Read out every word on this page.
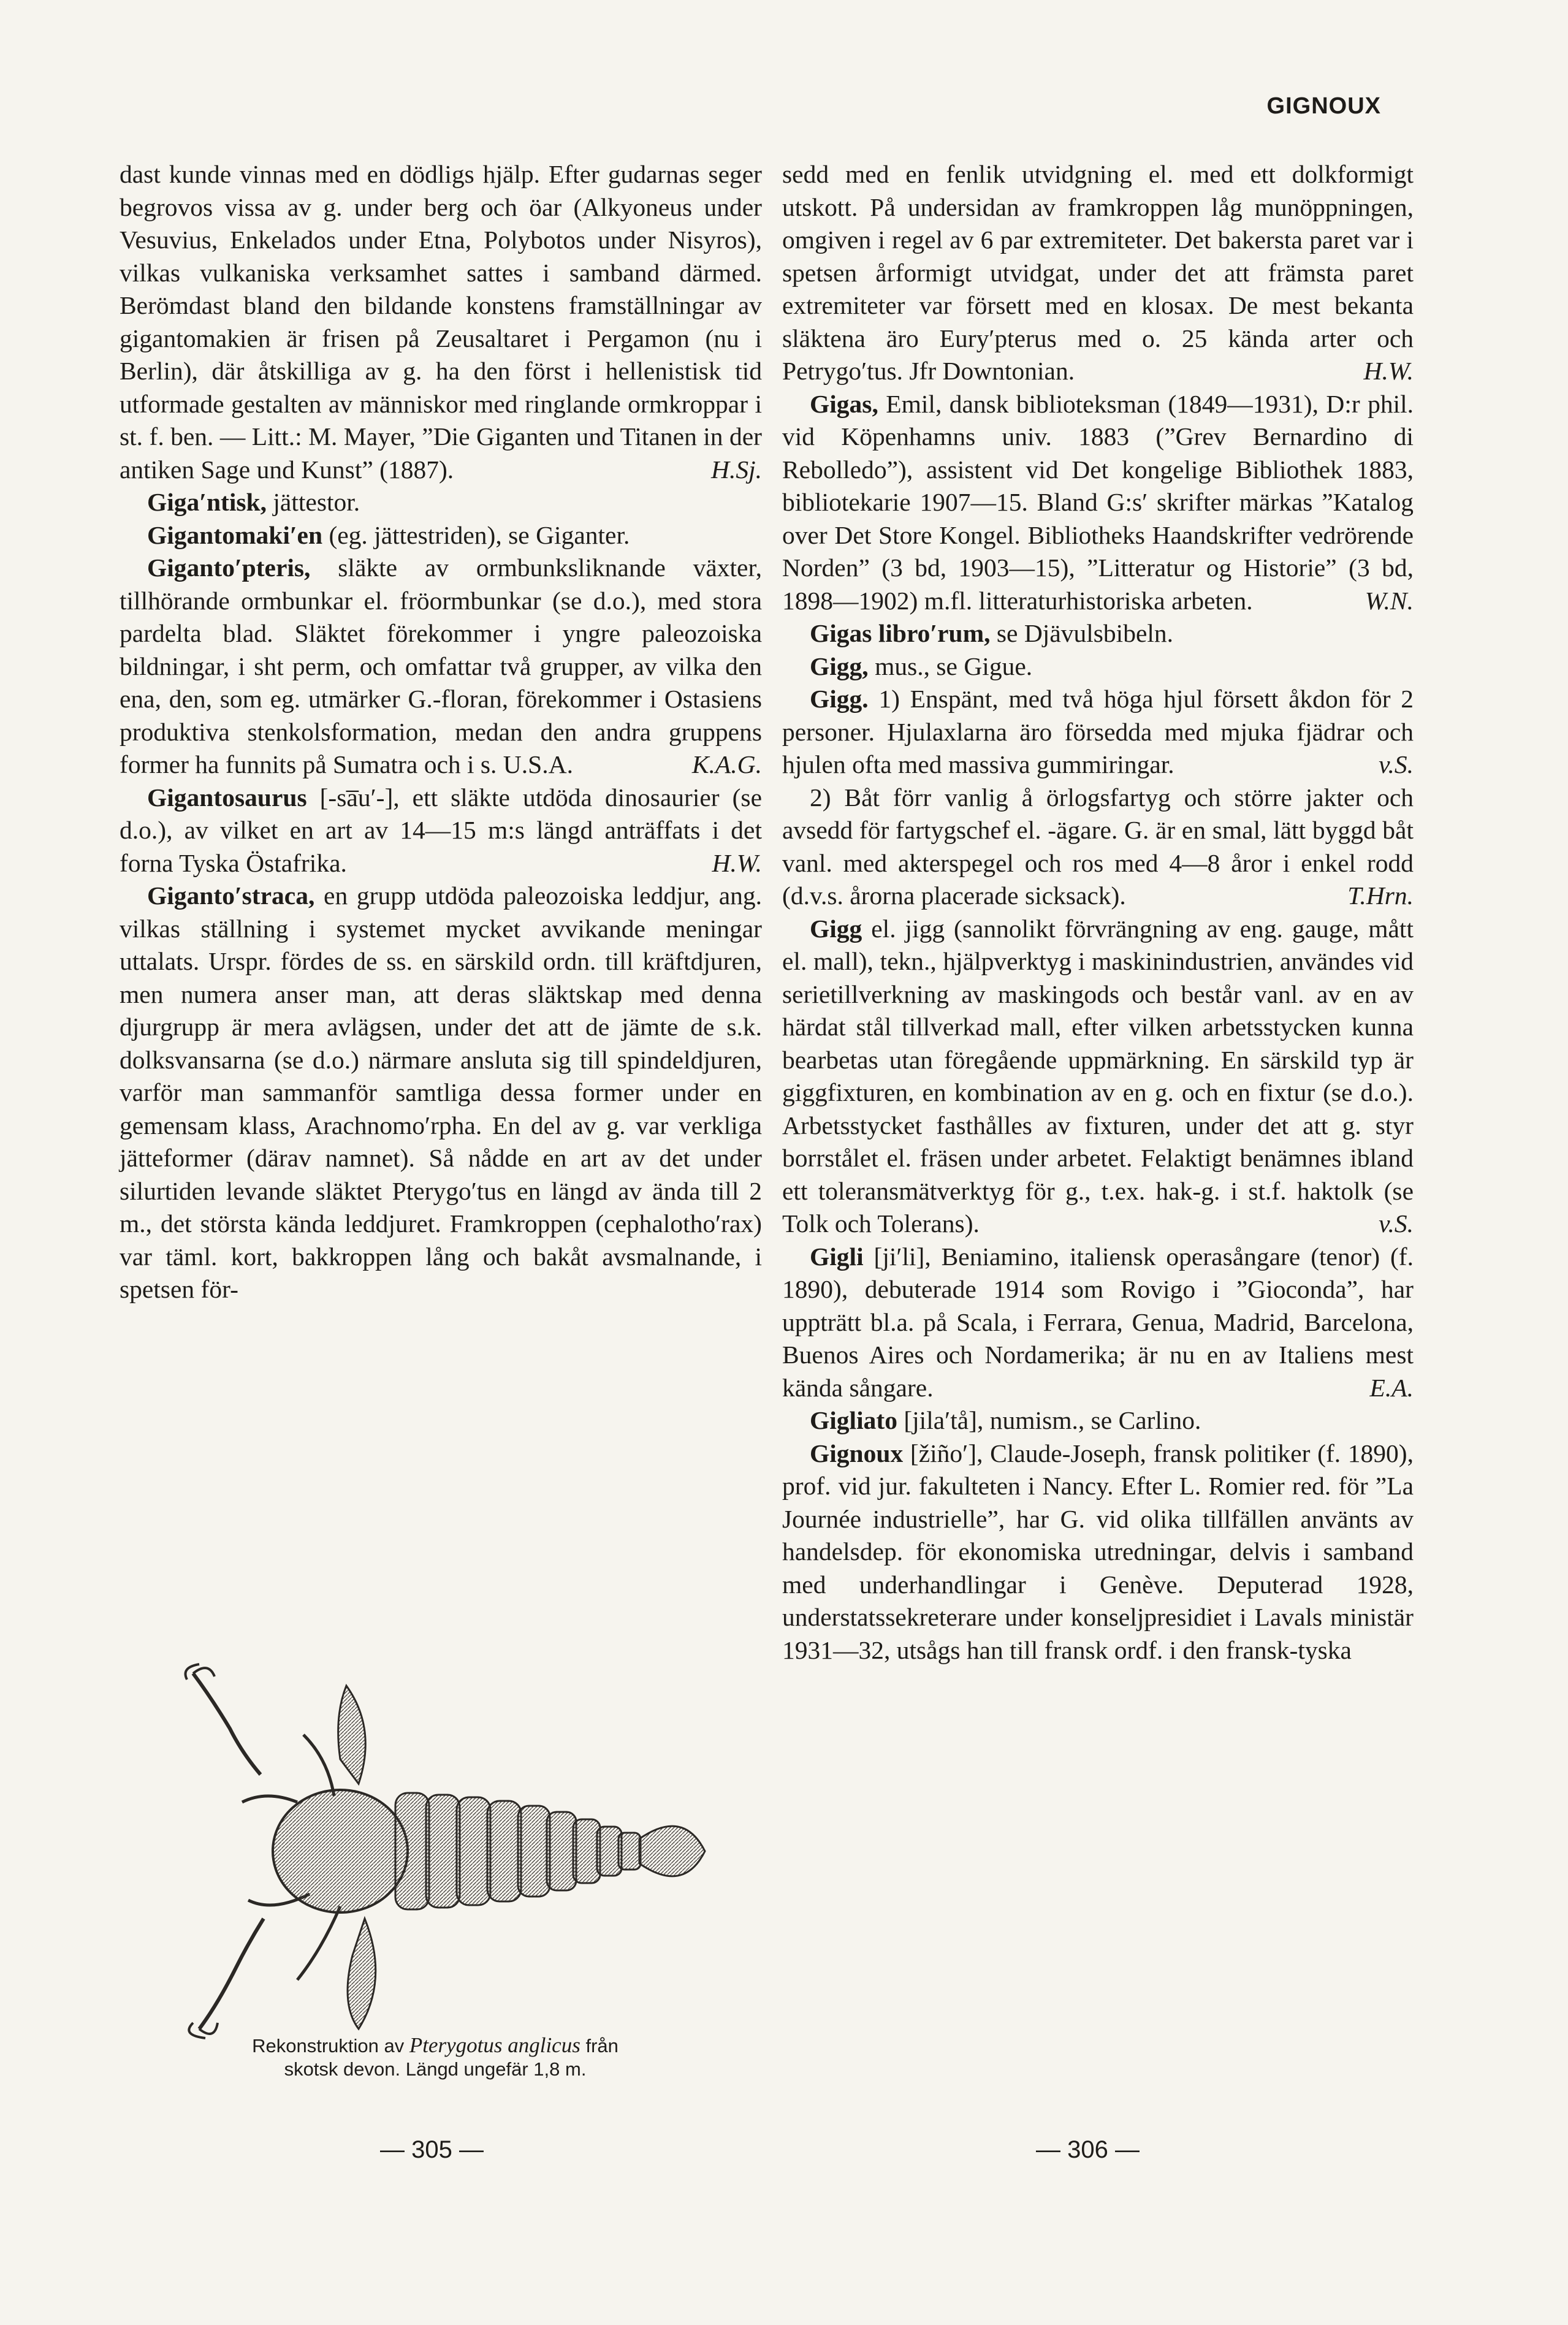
GIGNOUX

dast kunde vinnas med en dödligs hjälp. Efter gudarnas seger begrovos vissa av g. under berg och öar (Alkyoneus under Vesuvius, Enkelados under Etna, Polybotos under Nisyros), vilkas vulkaniska verksamhet sattes i samband därmed. Berömdast bland den bildande konstens framställningar av gigantomakien är frisen på Zeusaltaret i Pergamon (nu i Berlin), där åtskilliga av g. ha den först i hellenistisk tid utformade gestalten av människor med ringlande ormkroppar i st. f. ben. — Litt.: M. Mayer, ”Die Giganten und Titanen in der antiken Sage und Kunst” (1887).	H.Sj.

Giga′ntisk, jättestor.

Gigantomaki′en (eg. jättestriden), se Giganter.

Giganto′pteris, släkte av ormbunksliknande växter, tillhörande ormbunkar el. fröormbunkar (se d.o.), med stora pardelta blad. Släktet förekommer i yngre paleozoiska bildningar, i sht perm, och omfattar två grupper, av vilka den ena, den, som eg. utmärker G.-floran, förekommer i Ostasiens produktiva stenkolsformation, medan den andra gruppens former ha funnits på Sumatra och i s. U.S.A.	K.A.G.

Gigantosaurus [-sa̅u′-], ett släkte utdöda dinosaurier (se d.o.), av vilket en art av 14—15 m:s längd anträffats i det forna Tyska Östafrika.	H.W.

Giganto′straca, en grupp utdöda paleozoiska leddjur, ang. vilkas ställning i systemet mycket avvikande meningar uttalats. Urspr. fördes de ss. en särskild ordn. till kräftdjuren, men numera anser man, att deras släktskap med denna djurgrupp är mera avlägsen, under det att de jämte de s.k. dolksvansarna (se d.o.) närmare ansluta sig till spindeldjuren, varför man sammanför samtliga dessa former under en gemensam klass, Arachnomo′rpha. En del av g. var verkliga jätteformer (därav namnet). Så nådde en art av det under silurtiden levande släktet Pterygo′tus en längd av ända till 2 m., det största kända leddjuret. Framkroppen (cephalotho′rax) var täml. kort, bakkroppen lång och bakåt avsmalnande, i spetsen för-

Rekonstruktion av Pterygotus anglicus från
skotsk devon. Längd ungefär 1,8 m.

sedd med en fenlik utvidgning el. med ett dolkformigt utskott. På undersidan av framkroppen låg munöppningen, omgiven i regel av 6 par extremiteter. Det bakersta paret var i spetsen årformigt utvidgat, under det att främsta paret extremiteter var försett med en klosax. De mest bekanta släktena äro Eury′pterus med o. 25 kända arter och Petrygo′tus. Jfr Downtonian.	H.W.

Gigas, Emil, dansk biblioteksman (1849—1931), D:r phil. vid Köpenhamns univ. 1883 (”Grev Bernardino di Rebolledo”), assistent vid Det kongelige Bibliothek 1883, bibliotekarie 1907—15. Bland G:s′ skrifter märkas ”Katalog over Det Store Kongel. Bibliotheks Haandskrifter vedrörende Norden” (3 bd, 1903—15), ”Litteratur og Historie” (3 bd, 1898—1902) m.fl. litteraturhistoriska arbeten.	W.N.

Gigas libro′rum, se Djävulsbibeln.

Gigg, mus., se Gigue.

Gigg. 1) Enspänt, med två höga hjul försett åkdon för 2 personer. Hjulaxlarna äro försedda med mjuka fjädrar och hjulen ofta med massiva gummiringar.	v.S.

2) Båt förr vanlig å örlogsfartyg och större jakter och avsedd för fartygschef el. -ägare. G. är en smal, lätt byggd båt vanl. med akterspegel och ros med 4—8 åror i enkel rodd (d.v.s. årorna placerade sicksack).	T.Hrn.

Gigg el. jigg (sannolikt förvrängning av eng. gauge, mått el. mall), tekn., hjälpverktyg i maskinindustrien, användes vid serietillverkning av maskingods och består vanl. av en av härdat stål tillverkad mall, efter vilken arbetsstycken kunna bearbetas utan föregående uppmärkning. En särskild typ är giggfixturen, en kombination av en g. och en fixtur (se d.o.). Arbetsstycket fasthålles av fixturen, under det att g. styr borrstålet el. fräsen under arbetet. Felaktigt benämnes ibland ett toleransmätverktyg för g., t.ex. hak-g. i st.f. haktolk (se Tolk och Tolerans).	v.S.

Gigli [ji′li], Beniamino, italiensk operasångare (tenor) (f. 1890), debuterade 1914 som Rovigo i ”Gioconda”, har uppträtt bl.a. på Scala, i Ferrara, Genua, Madrid, Barcelona, Buenos Aires och Nordamerika; är nu en av Italiens mest kända sångare.	E.A.

Gigliato [jila′tå], numism., se Carlino.

Gignoux [žiño′], Claude-Joseph, fransk politiker (f. 1890), prof. vid jur. fakulteten i Nancy. Efter L. Romier red. för ”La Journée industrielle”, har G. vid olika tillfällen använts av handelsdep. för ekonomiska utredningar, delvis i samband med underhandlingar i Genève. Deputerad 1928, understatssekreterare under konseljpresidiet i Lavals ministär 1931—32, utsågs han till fransk ordf. i den fransk-tyska

— 305 —	— 306 —
